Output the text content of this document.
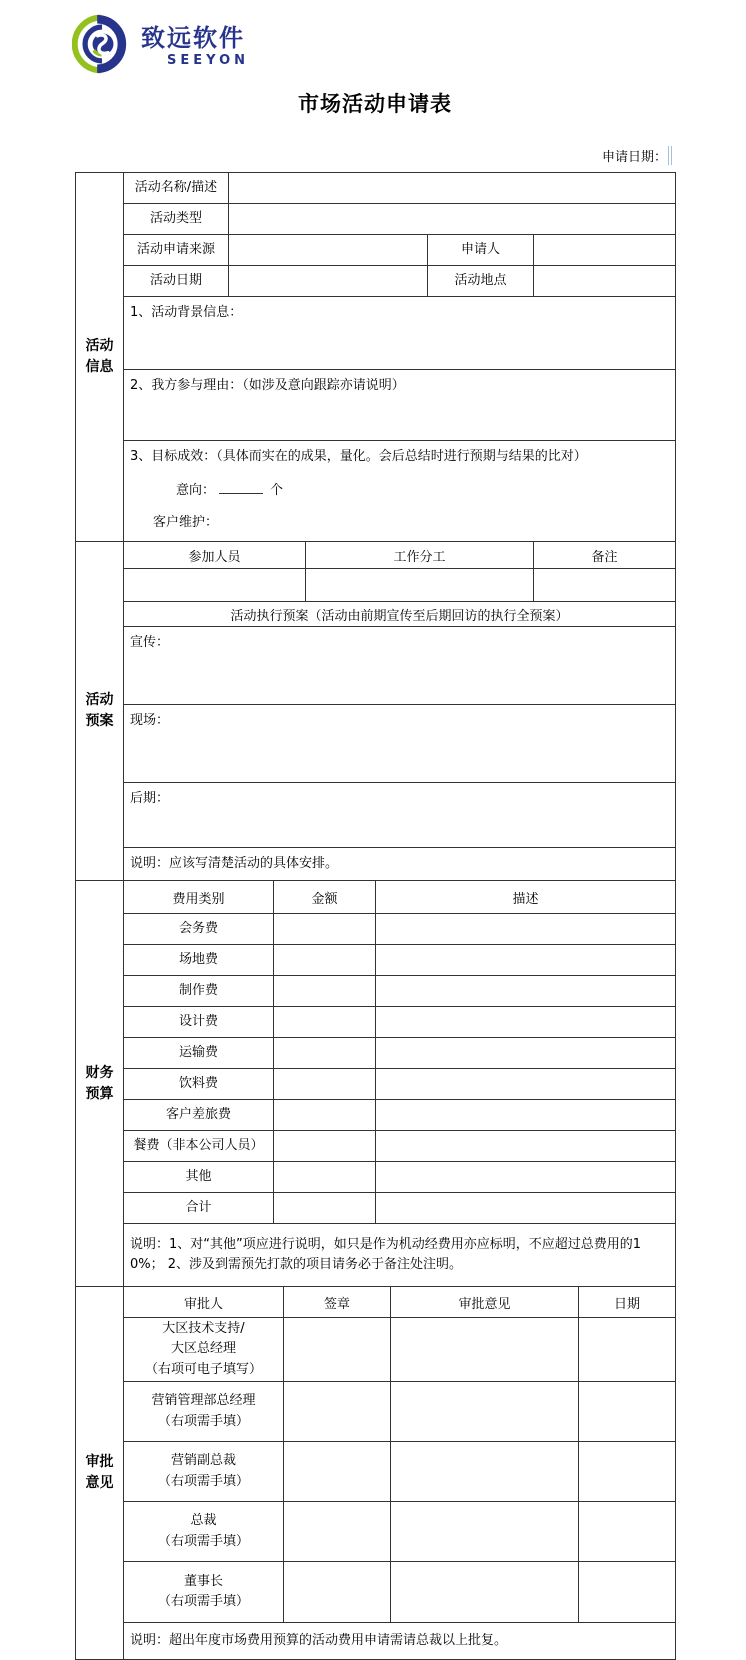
致远软件
SEEYON
市场活动申请表
申请日期：
活动
信息	活动名称/描述			
	活动类型			
	活动申请来源		申请人	
	活动日期		活动地点	
	1、活动背景信息：			
	2、我方参与理由：（如涉及意向跟踪亦请说明）			

	3、目标成效：（具体而实在的成果，量化。会后总结时进行预期与结果的比对）
意向： 个
客户维护：			
活动
预案	参加人员	工作分工	备注

	活动执行预案（活动由前期宣传至后期回访的执行全预案）		
	宣传：		
	现场：		
	后期：		
	说明：应该写清楚活动的具体安排。		
财务
预算	费用类别	金额	描述
	会务费		
	场地费		
	制作费		
	设计费		
	运输费		
	饮料费		
	客户差旅费		
	餐费（非本公司人员）		
	其他		
	合计		
	说明：1、对“其他”项应进行说明，如只是作为机动经费用亦应标明，不应超过总费用的10%； 2、涉及到需预先打款的项目请务必于备注处注明。		
审批
意见	审批人	签章	审批意见	日期

	大区技术支持/
大区总经理
（右项可电子填写）			

	营销管理部总经理
（右项需手填）			

	营销副总裁
（右项需手填）			

	总裁
（右项需手填）			

	董事长
（右项需手填）			

	说明：超出年度市场费用预算的活动费用申请需请总裁以上批复。			
